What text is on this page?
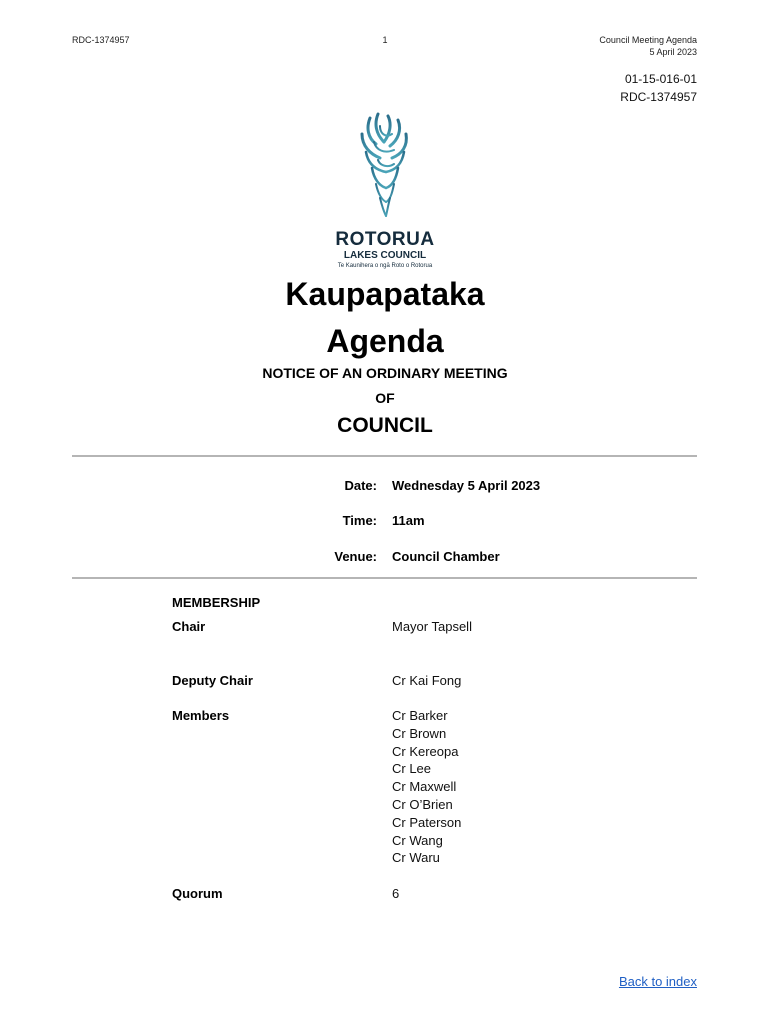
1
RDC-1374957	Council Meeting Agenda
5 April 2023
01-15-016-01
RDC-1374957
ROTORUA
LAKES COUNCIL
Te Kaunihera o ngā Roto o Rotorua
Kaupapataka
Agenda
NOTICE OF AN ORDINARY MEETING
OF
COUNCIL
Date: Wednesday 5 April 2023
Time: 11am
Venue: Council Chamber
MEMBERSHIP
Chair	Mayor Tapsell
Deputy Chair	Cr Kai Fong
Members	Cr Barker
Cr Brown
Cr Kereopa
Cr Lee
Cr Maxwell
Cr O’Brien
Cr Paterson
Cr Wang
Cr Waru
Quorum	6
Back to index
